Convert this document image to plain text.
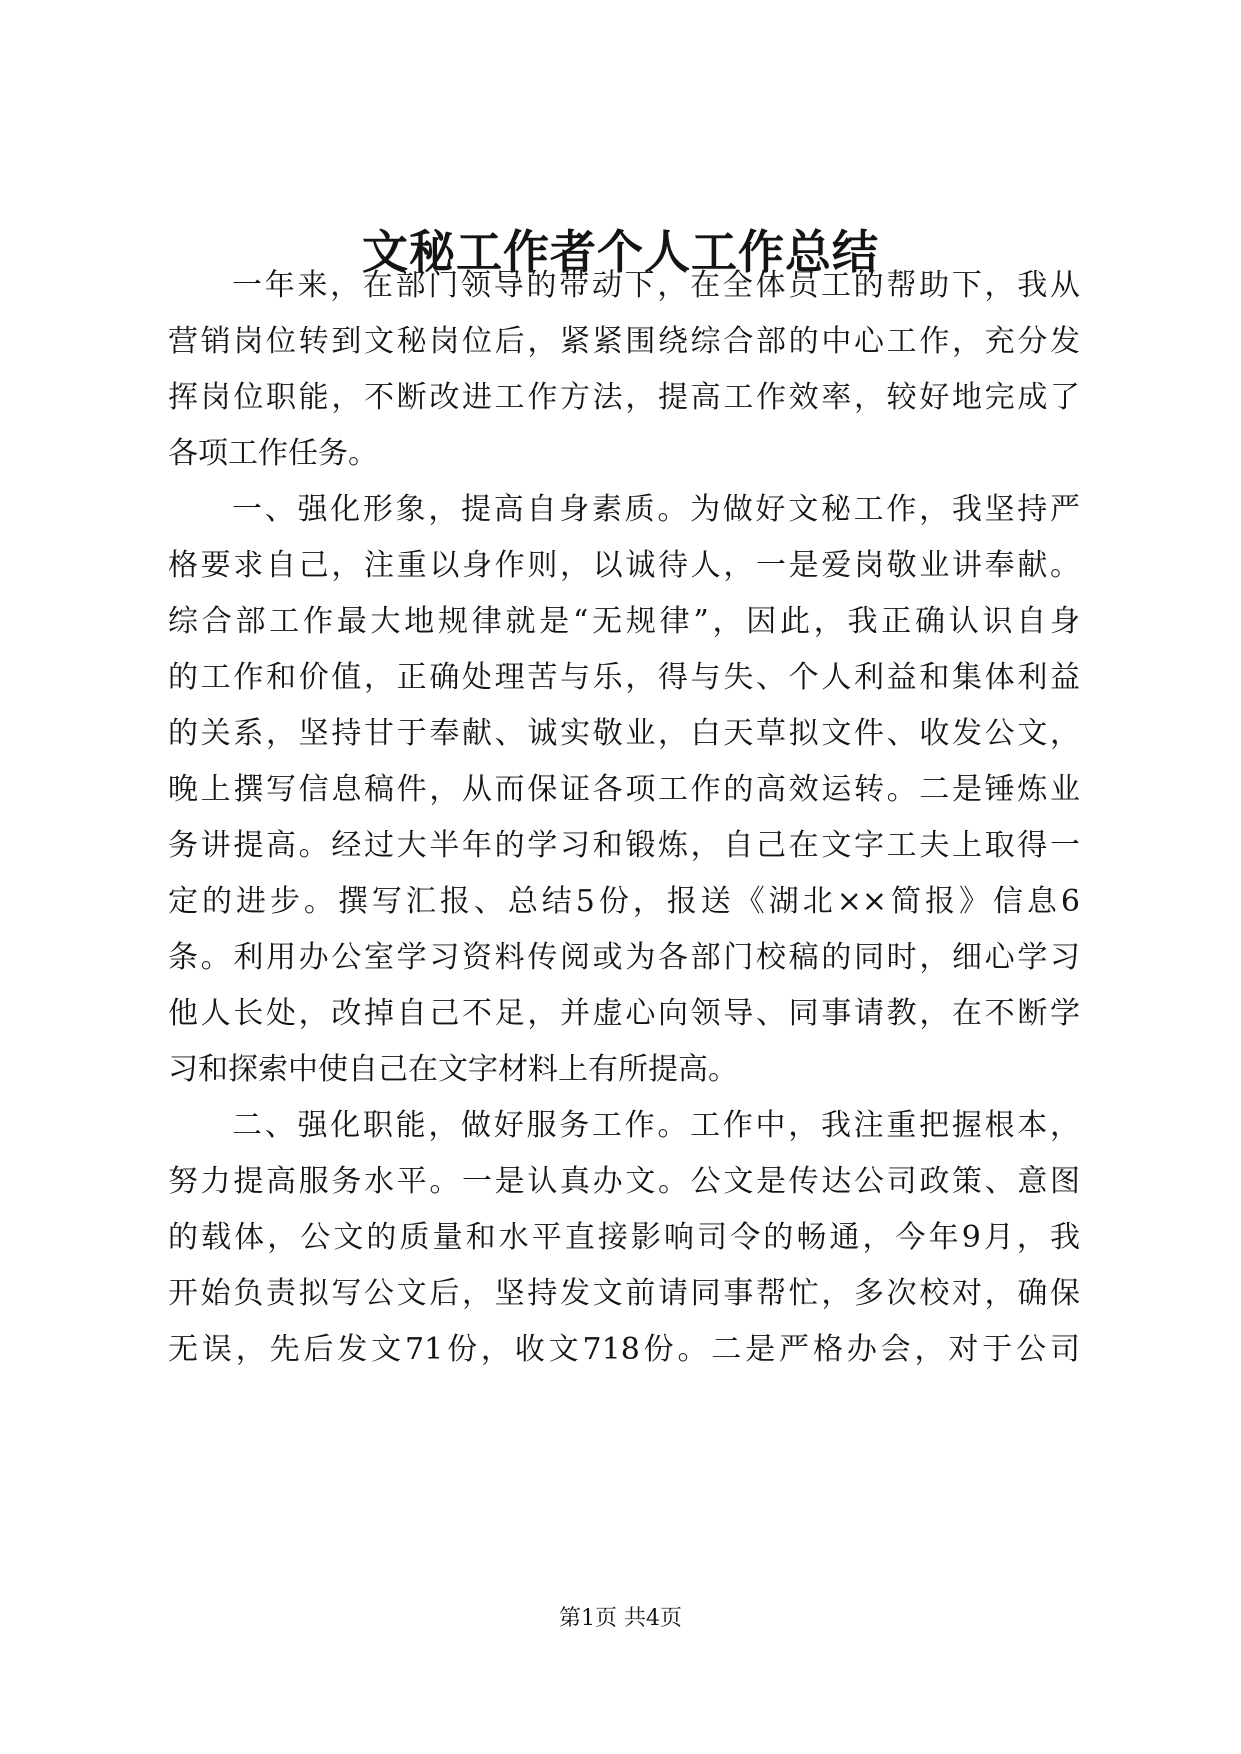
文秘工作者个人工作总结
一年来，在部门领导的带动下，在全体员工的帮助下，我从
营销岗位转到文秘岗位后，紧紧围绕综合部的中心工作，充分发
挥岗位职能，不断改进工作方法，提高工作效率，较好地完成了
各项工作任务。
一、强化形象，提高自身素质。为做好文秘工作，我坚持严
格要求自己，注重以身作则，以诚待人，一是爱岗敬业讲奉献。
综合部工作最大地规律就是“无规律”，因此，我正确认识自身
的工作和价值，正确处理苦与乐，得与失、个人利益和集体利益
的关系，坚持甘于奉献、诚实敬业，白天草拟文件、收发公文，
晚上撰写信息稿件，从而保证各项工作的高效运转。二是锤炼业
务讲提高。经过大半年的学习和锻炼，自己在文字工夫上取得一
定的进步。撰写汇报、总结5份，报送《湖北××简报》信息6
条。利用办公室学习资料传阅或为各部门校稿的同时，细心学习
他人长处，改掉自己不足，并虚心向领导、同事请教，在不断学
习和探索中使自己在文字材料上有所提高。
二、强化职能，做好服务工作。工作中，我注重把握根本，
努力提高服务水平。一是认真办文。公文是传达公司政策、意图
的载体，公文的质量和水平直接影响司令的畅通，今年9月，我
开始负责拟写公文后，坚持发文前请同事帮忙，多次校对，确保
无误，先后发文71份，收文718份。二是严格办会，对于公司
第1页 共4页
